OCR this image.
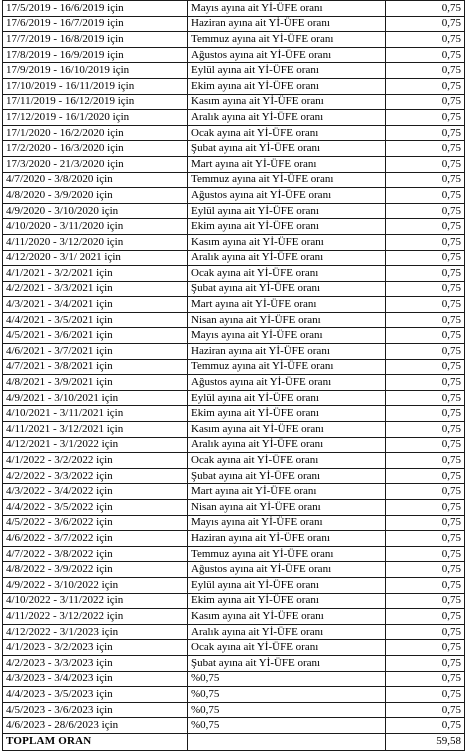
17/5/2019 - 16/6/2019 için	Mayıs ayına ait Yİ-ÜFE oranı	0,75
17/6/2019 - 16/7/2019 için	Haziran ayına ait Yİ-ÜFE oranı	0,75
17/7/2019 - 16/8/2019 için	Temmuz ayına ait Yİ-ÜFE oranı	0,75
17/8/2019 - 16/9/2019 için	Ağustos ayına ait Yİ-ÜFE oranı	0,75
17/9/2019 - 16/10/2019 için	Eylül ayına ait Yİ-ÜFE oranı	0,75
17/10/2019 - 16/11/2019 için	Ekim ayına ait Yİ-ÜFE oranı	0,75
17/11/2019 - 16/12/2019 için	Kasım ayına ait Yİ-ÜFE oranı	0,75
17/12/2019 - 16/1/2020 için	Aralık ayına ait Yİ-ÜFE oranı	0,75
17/1/2020 - 16/2/2020 için	Ocak ayına ait Yİ-ÜFE oranı	0,75
17/2/2020 - 16/3/2020 için	Şubat ayına ait Yİ-ÜFE oranı	0,75
17/3/2020 - 21/3/2020 için	Mart ayına ait Yİ-ÜFE oranı	0,75
4/7/2020 - 3/8/2020 için	Temmuz ayına ait Yİ-ÜFE oranı	0,75
4/8/2020 - 3/9/2020 için	Ağustos ayına ait Yİ-ÜFE oranı	0,75
4/9/2020 - 3/10/2020 için	Eylül ayına ait Yİ-ÜFE oranı	0,75
4/10/2020 - 3/11/2020 için	Ekim ayına ait Yİ-ÜFE oranı	0,75
4/11/2020 - 3/12/2020 için	Kasım ayına ait Yİ-ÜFE oranı	0,75
4/12/2020 - 3/1/ 2021 için	Aralık ayına ait Yİ-ÜFE oranı	0,75
4/1/2021 - 3/2/2021 için	Ocak ayına ait Yİ-ÜFE oranı	0,75
4/2/2021 - 3/3/2021 için	Şubat ayına ait Yİ-ÜFE oranı	0,75
4/3/2021 - 3/4/2021 için	Mart ayına ait Yİ-ÜFE oranı	0,75
4/4/2021 - 3/5/2021 için	Nisan ayına ait Yİ-ÜFE oranı	0,75
4/5/2021 - 3/6/2021 için	Mayıs ayına ait Yİ-ÜFE oranı	0,75
4/6/2021 - 3/7/2021 için	Haziran ayına ait Yİ-ÜFE oranı	0,75
4/7/2021 - 3/8/2021 için	Temmuz ayına ait Yİ-ÜFE oranı	0,75
4/8/2021 - 3/9/2021 için	Ağustos ayına ait Yİ-ÜFE oranı	0,75
4/9/2021 - 3/10/2021 için	Eylül ayına ait Yİ-ÜFE oranı	0,75
4/10/2021 - 3/11/2021 için	Ekim ayına ait Yİ-ÜFE oranı	0,75
4/11/2021 - 3/12/2021 için	Kasım ayına ait Yİ-ÜFE oranı	0,75
4/12/2021 - 3/1/2022 için	Aralık ayına ait Yİ-ÜFE oranı	0,75
4/1/2022 - 3/2/2022 için	Ocak ayına ait Yİ-ÜFE oranı	0,75
4/2/2022 - 3/3/2022 için	Şubat ayına ait Yİ-ÜFE oranı	0,75
4/3/2022 - 3/4/2022 için	Mart ayına ait Yİ-ÜFE oranı	0,75
4/4/2022 - 3/5/2022 için	Nisan ayına ait Yİ-ÜFE oranı	0,75
4/5/2022 - 3/6/2022 için	Mayıs ayına ait Yİ-ÜFE oranı	0,75
4/6/2022 - 3/7/2022 için	Haziran ayına ait Yİ-ÜFE oranı	0,75
4/7/2022 - 3/8/2022 için	Temmuz ayına ait Yİ-ÜFE oranı	0,75
4/8/2022 - 3/9/2022 için	Ağustos ayına ait Yİ-ÜFE oranı	0,75
4/9/2022 - 3/10/2022 için	Eylül ayına ait Yİ-ÜFE oranı	0,75
4/10/2022 - 3/11/2022 için	Ekim ayına ait Yİ-ÜFE oranı	0,75
4/11/2022 - 3/12/2022 için	Kasım ayına ait Yİ-ÜFE oranı	0,75
4/12/2022 - 3/1/2023 için	Aralık ayına ait Yİ-ÜFE oranı	0,75
4/1/2023 - 3/2/2023 için	Ocak ayına ait Yİ-ÜFE oranı	0,75
4/2/2023 - 3/3/2023 için	Şubat ayına ait Yİ-ÜFE oranı	0,75
4/3/2023 - 3/4/2023 için	%0,75	0,75
4/4/2023 - 3/5/2023 için	%0,75	0,75
4/5/2023 - 3/6/2023 için	%0,75	0,75
4/6/2023 - 28/6/2023 için	%0,75	0,75
TOPLAM ORAN		59,58
